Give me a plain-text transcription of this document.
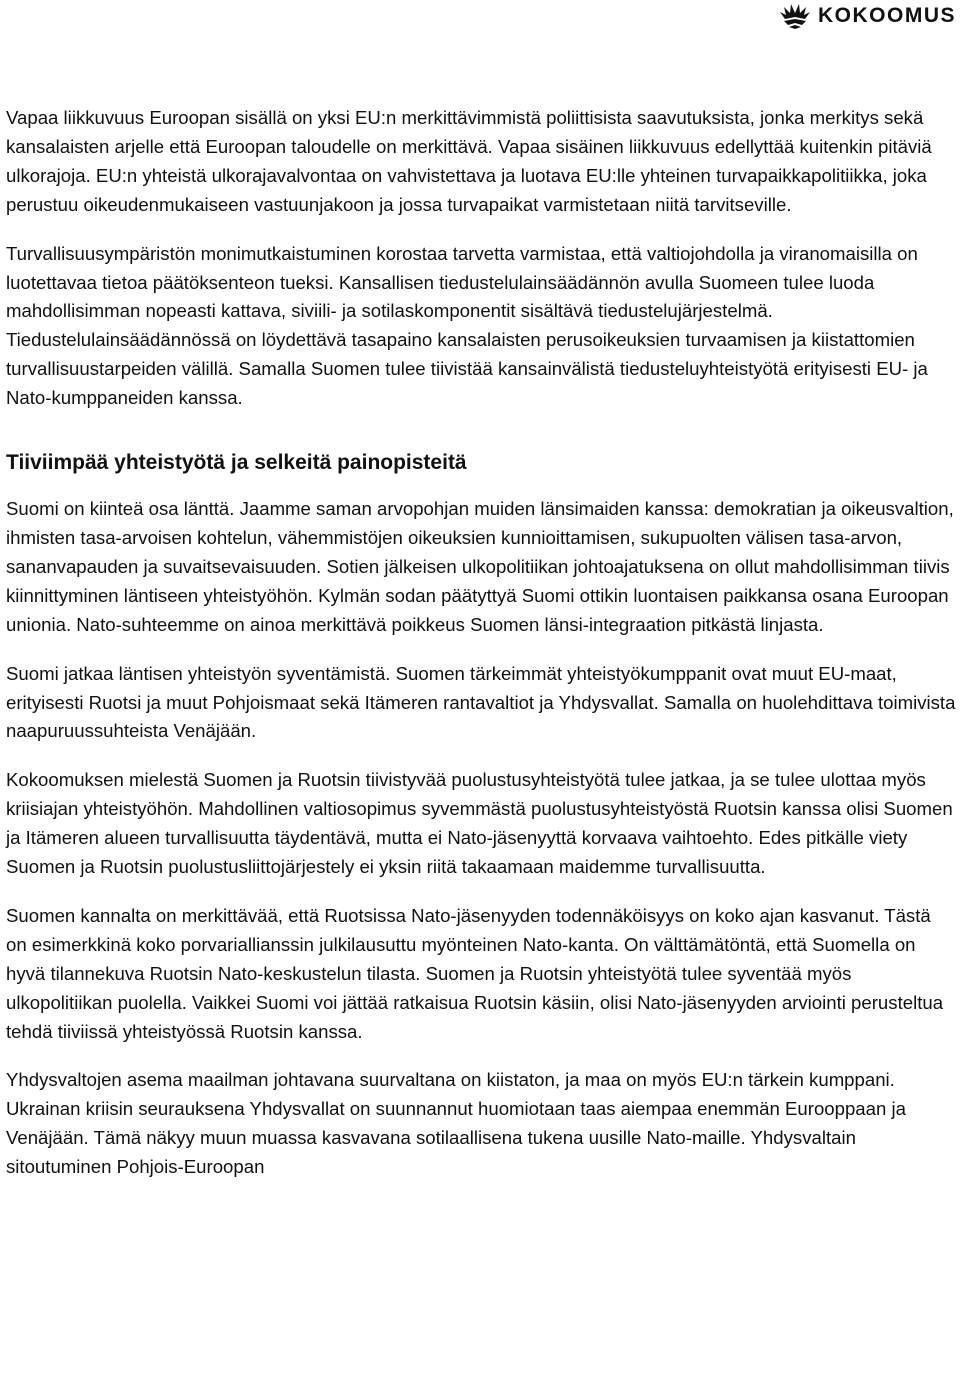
KOKOOMUS

Vapaa liikkuvuus Euroopan sisällä on yksi EU:n merkittävimmistä poliittisista saavutuksista, jonka merkitys sekä kansalaisten arjelle että Euroopan taloudelle on merkittävä. Vapaa sisäinen liikkuvuus edellyttää kuitenkin pitäviä ulkorajoja. EU:n yhteistä ulkorajavalvontaa on vahvistettava ja luotava EU:lle yhteinen turvapaikkapolitiikka, joka perustuu oikeudenmukaiseen vastuunjakoon ja jossa turvapaikat varmistetaan niitä tarvitseville.

Turvallisuusympäristön monimutkaistuminen korostaa tarvetta varmistaa, että valtiojohdolla ja viranomaisilla on luotettavaa tietoa päätöksenteon tueksi. Kansallisen tiedustelulainsäädännön avulla Suomeen tulee luoda mahdollisimman nopeasti kattava, siviili- ja sotilaskomponentit sisältävä tiedustelujärjestelmä. Tiedustelulainsäädännössä on löydettävä tasapaino kansalaisten perusoikeuksien turvaamisen ja kiistattomien turvallisuustarpeiden välillä. Samalla Suomen tulee tiivistää kansainvälistä tiedusteluyhteistyötä erityisesti EU- ja Nato-kumppaneiden kanssa.

Tiiviimpää yhteistyötä ja selkeitä painopisteitä

Suomi on kiinteä osa länttä. Jaamme saman arvopohjan muiden länsimaiden kanssa: demokratian ja oikeusvaltion, ihmisten tasa-arvoisen kohtelun, vähemmistöjen oikeuksien kunnioittamisen, sukupuolten välisen tasa-arvon, sananvapauden ja suvaitsevaisuuden. Sotien jälkeisen ulkopolitiikan johtoajatuksena on ollut mahdollisimman tiivis kiinnittyminen läntiseen yhteistyöhön. Kylmän sodan päätyttyä Suomi ottikin luontaisen paikkansa osana Euroopan unionia. Nato-suhteemme on ainoa merkittävä poikkeus Suomen länsi-integraation pitkästä linjasta.

Suomi jatkaa läntisen yhteistyön syventämistä. Suomen tärkeimmät yhteistyökumppanit ovat muut EU-maat, erityisesti Ruotsi ja muut Pohjoismaat sekä Itämeren rantavaltiot ja Yhdysvallat. Samalla on huolehdittava toimivista naapuruussuhteista Venäjään.

Kokoomuksen mielestä Suomen ja Ruotsin tiivistyvää puolustusyhteistyötä tulee jatkaa, ja se tulee ulottaa myös kriisiajan yhteistyöhön. Mahdollinen valtiosopimus syvemmästä puolustusyhteistyöstä Ruotsin kanssa olisi Suomen ja Itämeren alueen turvallisuutta täydentävä, mutta ei Nato-jäsenyyttä korvaava vaihtoehto. Edes pitkälle viety Suomen ja Ruotsin puolustusliittojärjestely ei yksin riitä takaamaan maidemme turvallisuutta.

Suomen kannalta on merkittävää, että Ruotsissa Nato-jäsenyyden todennäköisyys on koko ajan kasvanut. Tästä on esimerkkinä koko porvariallianssin julkilausuttu myönteinen Nato-kanta. On välttämätöntä, että Suomella on hyvä tilannekuva Ruotsin Nato-keskustelun tilasta. Suomen ja Ruotsin yhteistyötä tulee syventää myös ulkopolitiikan puolella. Vaikkei Suomi voi jättää ratkaisua Ruotsin käsiin, olisi Nato-jäsenyyden arviointi perusteltua tehdä tiiviissä yhteistyössä Ruotsin kanssa.

Yhdysvaltojen asema maailman johtavana suurvaltana on kiistaton, ja maa on myös EU:n tärkein kumppani. Ukrainan kriisin seurauksena Yhdysvallat on suunnannut huomiotaan taas aiempaa enemmän Eurooppaan ja Venäjään. Tämä näkyy muun muassa kasvavana sotilaallisena tukena uusille Nato-maille. Yhdysvaltain sitoutuminen Pohjois-Euroopan
